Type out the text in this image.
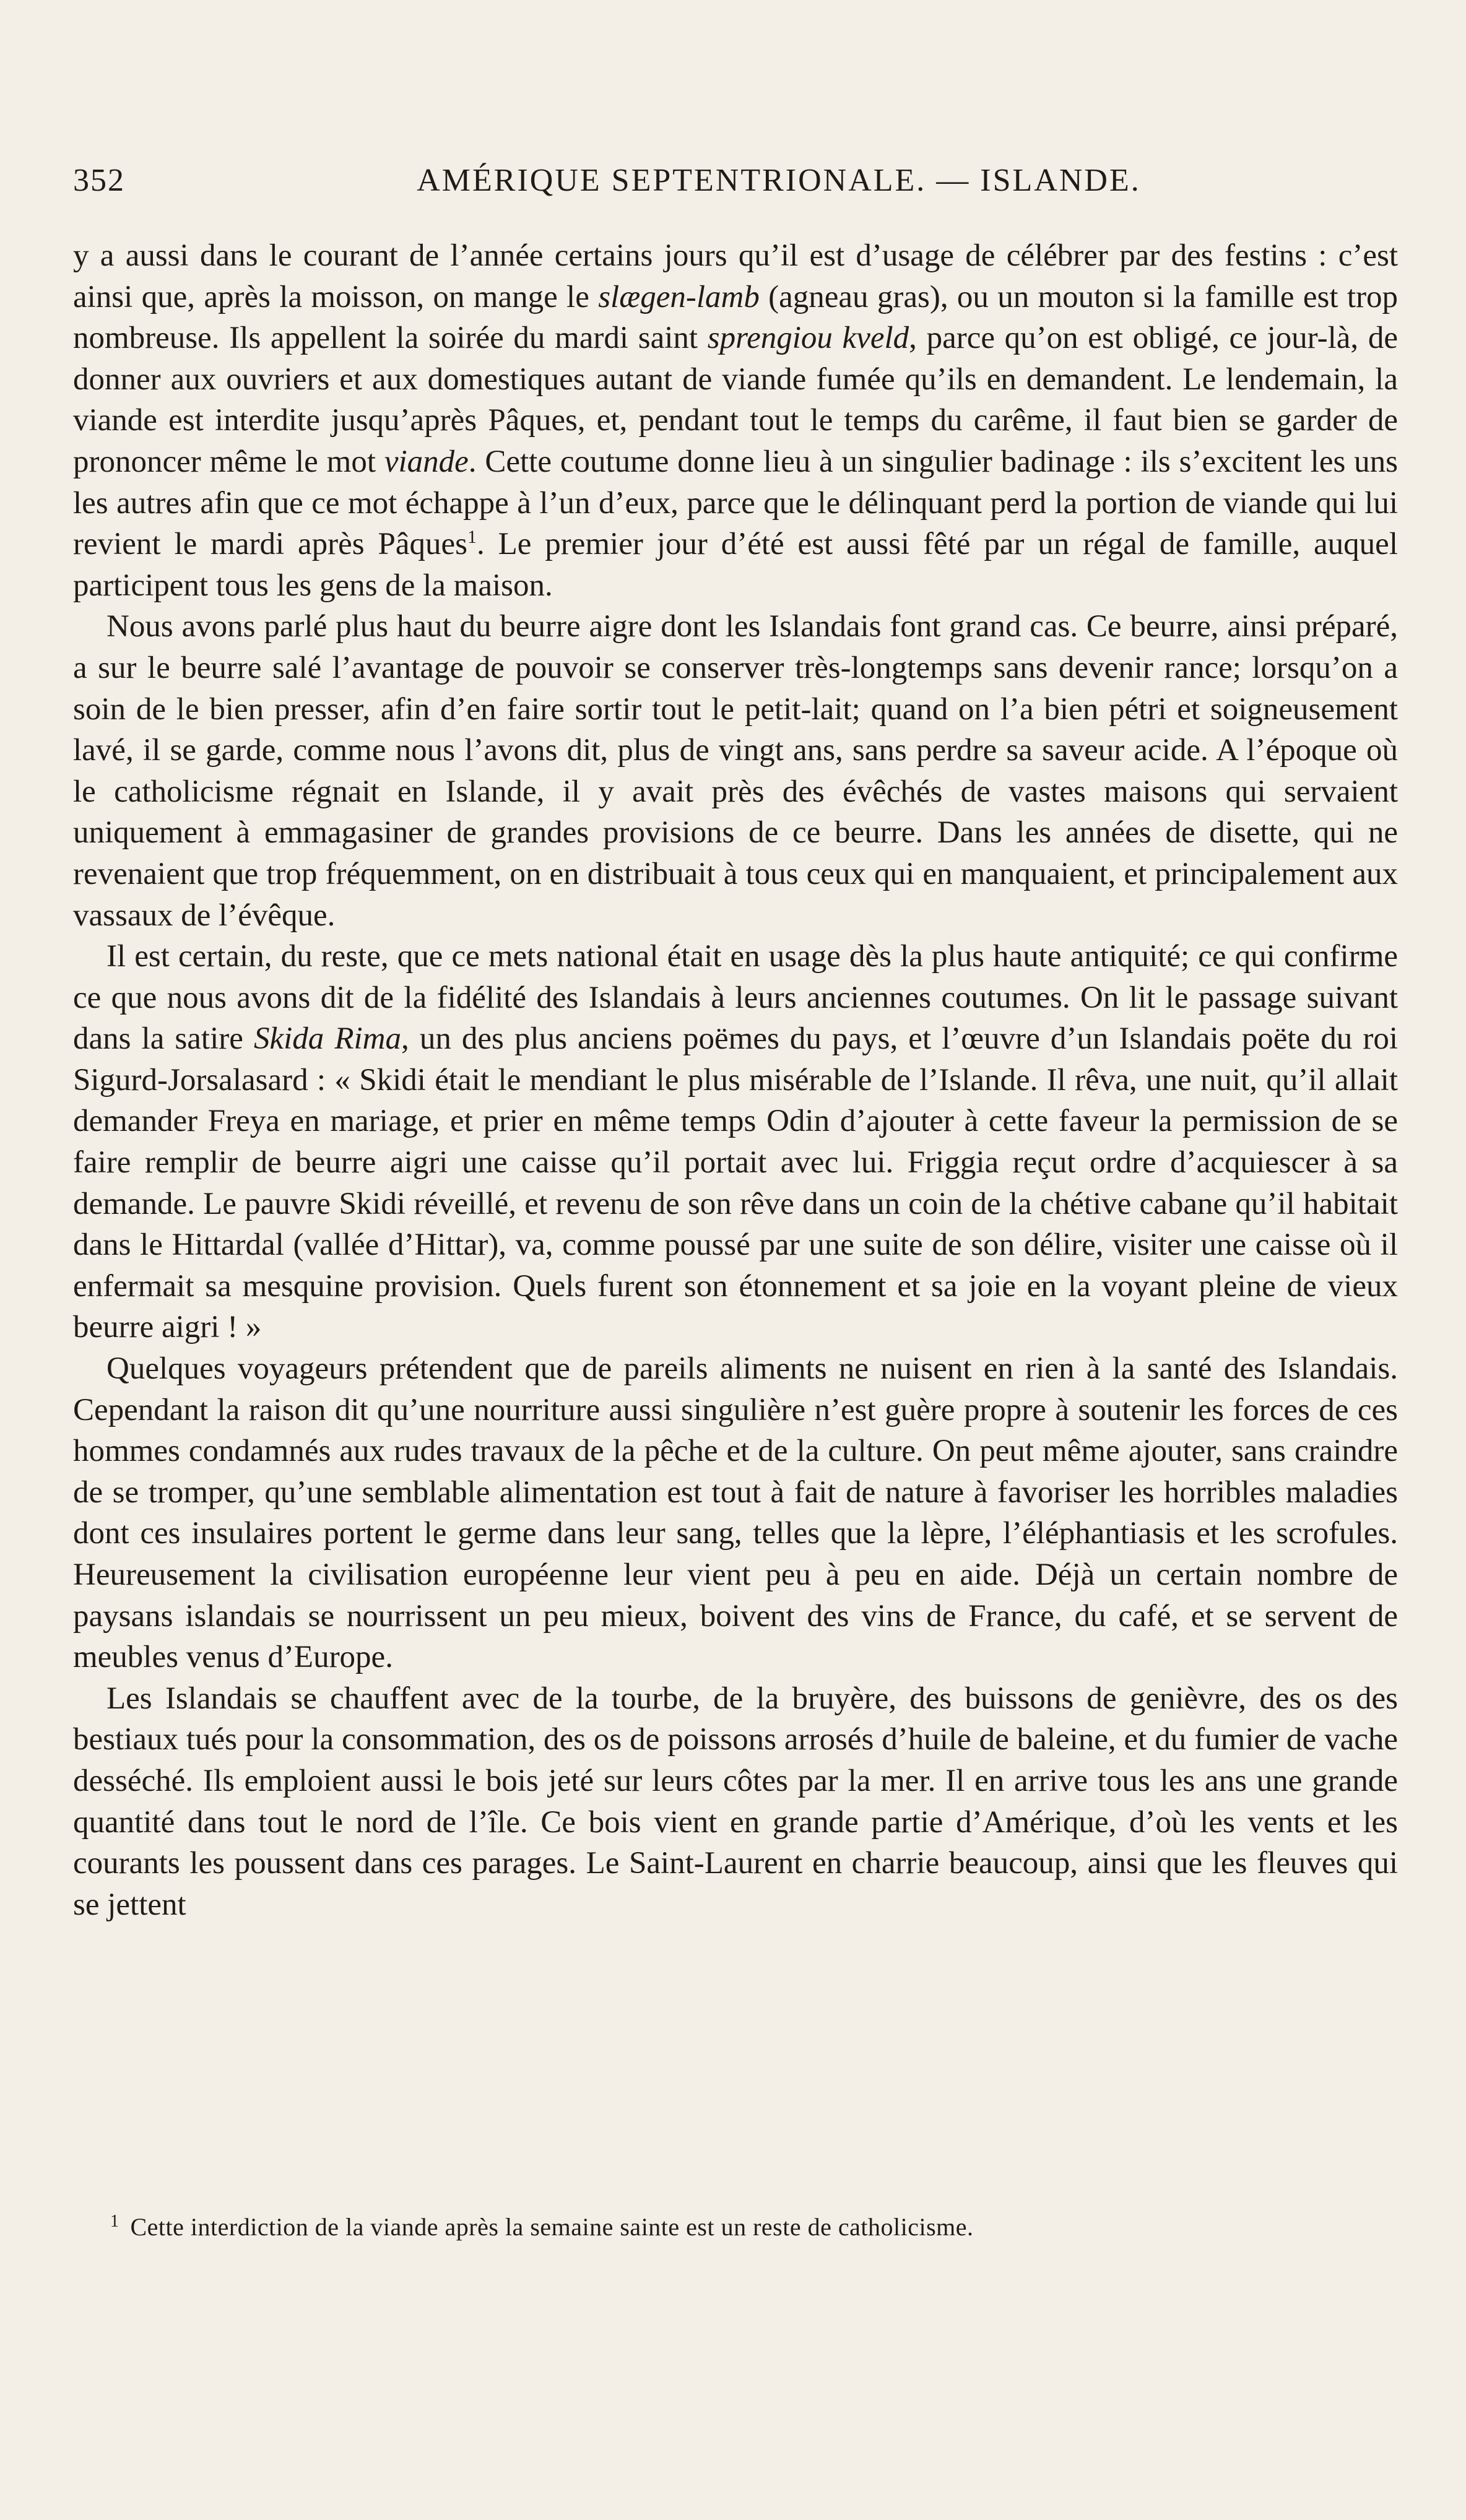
352	AMÉRIQUE SEPTENTRIONALE. — ISLANDE.

y a aussi dans le courant de l’année certains jours qu’il est d’usage de célébrer par des festins : c’est ainsi que, après la moisson, on mange le slægen-lamb (agneau gras), ou un mouton si la famille est trop nombreuse. Ils appellent la soirée du mardi saint sprengiou kveld, parce qu’on est obligé, ce jour-là, de donner aux ouvriers et aux domestiques autant de viande fumée qu’ils en demandent. Le lendemain, la viande est interdite jusqu’après Pâques, et, pendant tout le temps du carême, il faut bien se garder de prononcer même le mot viande. Cette coutume donne lieu à un singulier badinage : ils s’excitent les uns les autres afin que ce mot échappe à l’un d’eux, parce que le délinquant perd la portion de viande qui lui revient le mardi après Pâques$^1$. Le premier jour d’été est aussi fêté par un régal de famille, auquel participent tous les gens de la maison.

Nous avons parlé plus haut du beurre aigre dont les Islandais font grand cas. Ce beurre, ainsi préparé, a sur le beurre salé l’avantage de pouvoir se conserver très-longtemps sans devenir rance; lorsqu’on a soin de le bien presser, afin d’en faire sortir tout le petit-lait; quand on l’a bien pétri et soigneusement lavé, il se garde, comme nous l’avons dit, plus de vingt ans, sans perdre sa saveur acide. A l’époque où le catholicisme régnait en Islande, il y avait près des évêchés de vastes maisons qui servaient uniquement à emmagasiner de grandes provisions de ce beurre. Dans les années de disette, qui ne revenaient que trop fréquemment, on en distribuait à tous ceux qui en manquaient, et principalement aux vassaux de l’évêque.

Il est certain, du reste, que ce mets national était en usage dès la plus haute antiquité; ce qui confirme ce que nous avons dit de la fidélité des Islandais à leurs anciennes coutumes. On lit le passage suivant dans la satire Skida Rima, un des plus anciens poëmes du pays, et l’œuvre d’un Islandais poëte du roi Sigurd-Jorsalasard : « Skidi était le mendiant le plus misérable de l’Islande. Il rêva, une nuit, qu’il allait demander Freya en mariage, et prier en même temps Odin d’ajouter à cette faveur la permission de se faire remplir de beurre aigri une caisse qu’il portait avec lui. Friggia reçut ordre d’acquiescer à sa demande. Le pauvre Skidi réveillé, et revenu de son rêve dans un coin de la chétive cabane qu’il habitait dans le Hittardal (vallée d’Hittar), va, comme poussé par une suite de son délire, visiter une caisse où il enfermait sa mesquine provision. Quels furent son étonnement et sa joie en la voyant pleine de vieux beurre aigri ! »

Quelques voyageurs prétendent que de pareils aliments ne nuisent en rien à la santé des Islandais. Cependant la raison dit qu’une nourriture aussi singulière n’est guère propre à soutenir les forces de ces hommes condamnés aux rudes travaux de la pêche et de la culture. On peut même ajouter, sans craindre de se tromper, qu’une semblable alimentation est tout à fait de nature à favoriser les horribles maladies dont ces insulaires portent le germe dans leur sang, telles que la lèpre, l’éléphantiasis et les scrofules. Heureusement la civilisation européenne leur vient peu à peu en aide. Déjà un certain nombre de paysans islandais se nourrissent un peu mieux, boivent des vins de France, du café, et se servent de meubles venus d’Europe.

Les Islandais se chauffent avec de la tourbe, de la bruyère, des buissons de genièvre, des os des bestiaux tués pour la consommation, des os de poissons arrosés d’huile de baleine, et du fumier de vache desséché. Ils emploient aussi le bois jeté sur leurs côtes par la mer. Il en arrive tous les ans une grande quantité dans tout le nord de l’île. Ce bois vient en grande partie d’Amérique, d’où les vents et les courants les poussent dans ces parages. Le Saint-Laurent en charrie beaucoup, ainsi que les fleuves qui se jettent

$^1$ Cette interdiction de la viande après la semaine sainte est un reste de catholicisme.
